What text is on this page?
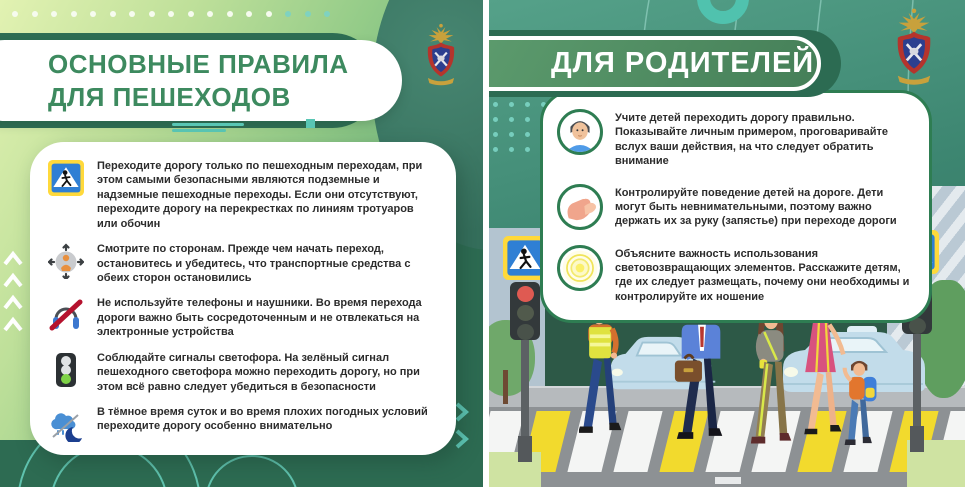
ОСНОВНЫЕ ПРАВИЛА
ДЛЯ ПЕШЕХОДОВ

Переходите дорогу только по пешеходным переходам, при этом самыми безопасными являются подземные и надземные пешеходные переходы. Если они отсутствуют, переходите дорогу на перекрестках по линиям тротуаров или обочин

Смотрите по сторонам. Прежде чем начать переход, остановитесь и убедитесь, что транспортные средства с обеих сторон остановились

Не используйте телефоны и наушники. Во время перехода дороги важно быть сосредоточенным и не отвлекаться на электронные устройства

Соблюдайте сигналы светофора. На зелёный сигнал пешеходного светофора можно переходить дорогу, но при этом всё равно следует убедиться в безопасности

В тёмное время суток и во время плохих погодных условий переходите дорогу особенно внимательно

ДЛЯ РОДИТЕЛЕЙ

Учите детей переходить дорогу правильно. Показывайте личным примером, проговаривайте вслух ваши действия, на что следует обратить внимание

Контролируйте поведение детей на дороге. Дети могут быть невнимательными, поэтому важно держать их за руку (запястье) при переходе дороги

Объясните важность использования световозвращающих элементов. Расскажите детям, где их следует размещать, почему они необходимы и контролируйте их ношение
